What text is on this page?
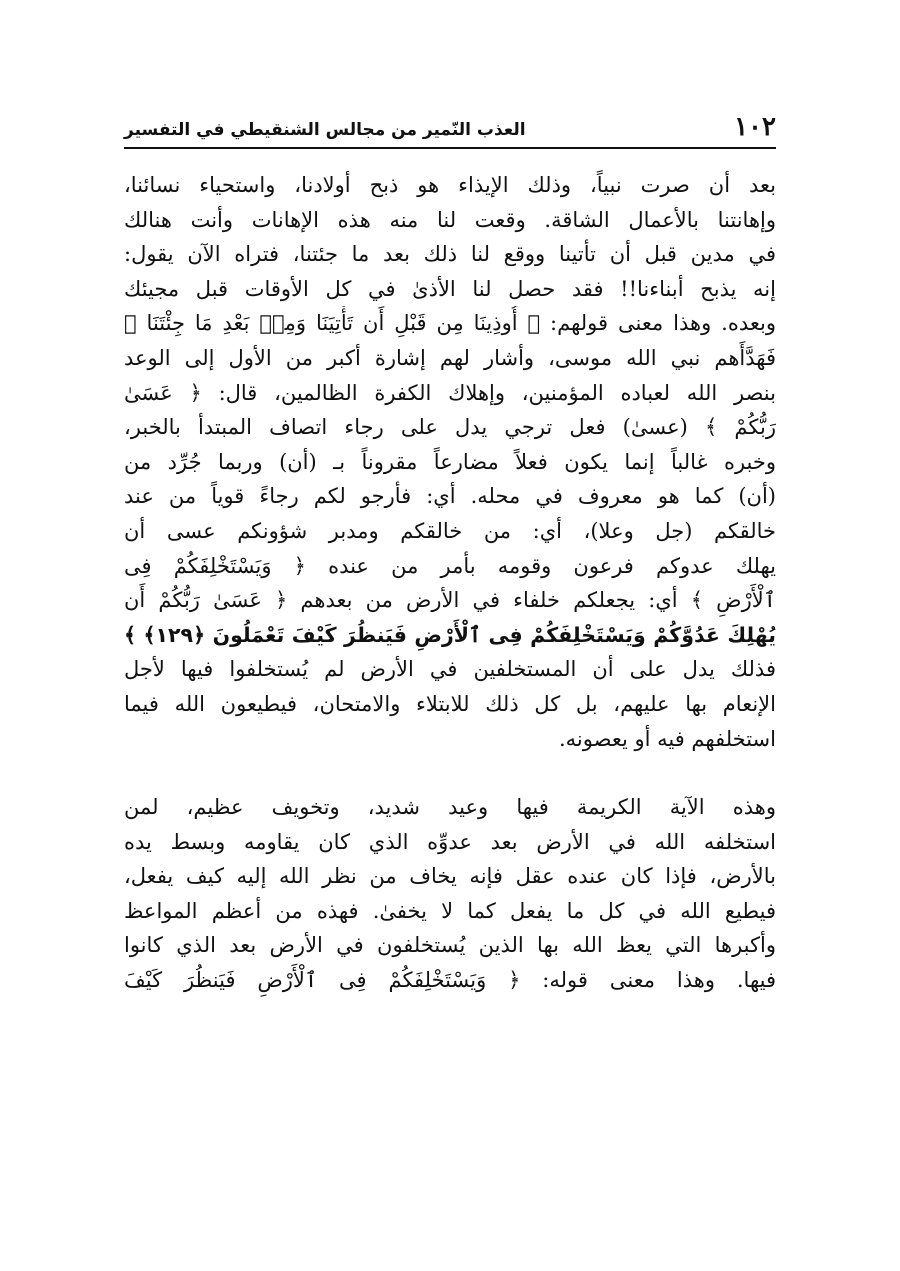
١٠٢
العذب النّمير من مجالس الشنقيطي في التفسير
بعد أن صرت نبياً، وذلك الإيذاء هو ذبح أولادنا، واستحياء نسائنا،
وإهانتنا بالأعمال الشاقة. وقعت لنا منه هذه الإهانات وأنت هنالك
في مدين قبل أن تأتينا ووقع لنا ذلك بعد ما جئتنا، فتراه الآن يقول:
إنه يذبح أبناءنا!! فقد حصل لنا الأذىٰ في كل الأوقات قبل مجيئك
وبعده. وهذا معنى قولهم: ﴿ أُوذِينَا مِن قَبْلِ أَن تَأْتِيَنَا وَمِنۢ بَعْدِ مَا جِئْتَنَا ﴾
فَهَدَّأَهم نبي الله موسى، وأشار لهم إشارة أكبر من الأول إلى الوعد
بنصر الله لعباده المؤمنين، وإهلاك الكفرة الظالمين، قال: ﴿ عَسَىٰ
رَبُّكُمْ ﴾ (عسىٰ) فعل ترجي يدل على رجاء اتصاف المبتدأ بالخبر،
وخبره غالباً إنما يكون فعلاً مضارعاً مقروناً بـ (أن) وربما جُرِّد من
(أن) كما هو معروف في محله. أي: فأرجو لكم رجاءً قوياً من عند
خالقكم (جل وعلا)، أي: من خالقكم ومدبر شؤونكم عسى أن
يهلك عدوكم فرعون وقومه بأمر من عنده ﴿ وَيَسْتَخْلِفَكُمْ فِى
ٱلْأَرْضِ ﴾ أي: يجعلكم خلفاء في الأرض من بعدهم ﴿ عَسَىٰ رَبُّكُمْ أَن
يُهْلِكَ عَدُوَّكُمْ وَيَسْتَخْلِفَكُمْ فِى ٱلْأَرْضِ فَيَنظُرَ كَيْفَ تَعْمَلُونَ ﴿١٢٩﴾ ﴾
فذلك يدل على أن المستخلفين في الأرض لم يُستخلفوا فيها لأجل
الإنعام بها عليهم، بل كل ذلك للابتلاء والامتحان، فيطيعون الله فيما
استخلفهم فيه أو يعصونه.
وهذه الآية الكريمة فيها وعيد شديد، وتخويف عظيم، لمن
استخلفه الله في الأرض بعد عدوِّه الذي كان يقاومه وبسط يده
بالأرض، فإذا كان عنده عقل فإنه يخاف من نظر الله إليه كيف يفعل،
فيطيع الله في كل ما يفعل كما لا يخفىٰ. فهذه من أعظم المواعظ
وأكبرها التي يعظ الله بها الذين يُستخلفون في الأرض بعد الذي كانوا
فيها. وهذا معنى قوله: ﴿ وَيَسْتَخْلِفَكُمْ فِى ٱلْأَرْضِ فَيَنظُرَ كَيْفَ
